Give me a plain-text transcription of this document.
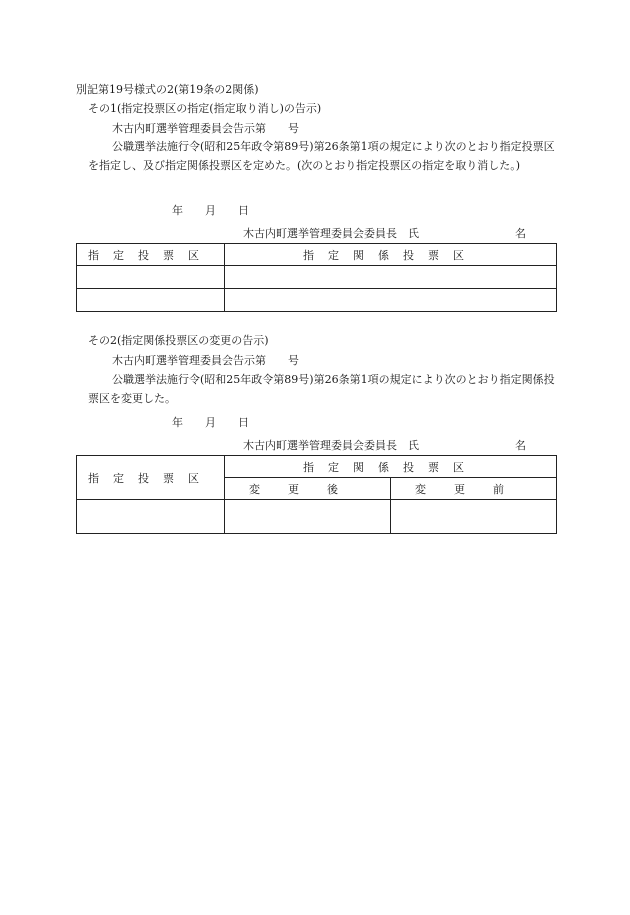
別記第19号様式の2(第19条の2関係)
その1(指定投票区の指定(指定取り消し)の告示)
木古内町選挙管理委員会告示第　　号
公職選挙法施行令(昭和25年政令第89号)第26条第1項の規定により次のとおり指定投票区を指定し、及び指定関係投票区を定めた。(次のとおり指定投票区の指定を取り消した。)
年　　月　　日
木古内町選挙管理委員会委員長　氏	名
指定投票区	指定関係投票区

その2(指定関係投票区の変更の告示)
木古内町選挙管理委員会告示第　　号
公職選挙法施行令(昭和25年政令第89号)第26条第1項の規定により次のとおり指定関係投票区を変更した。
年　　月　　日
木古内町選挙管理委員会委員長　氏	名
指定投票区	指定関係投票区	
	変更後	変更前
